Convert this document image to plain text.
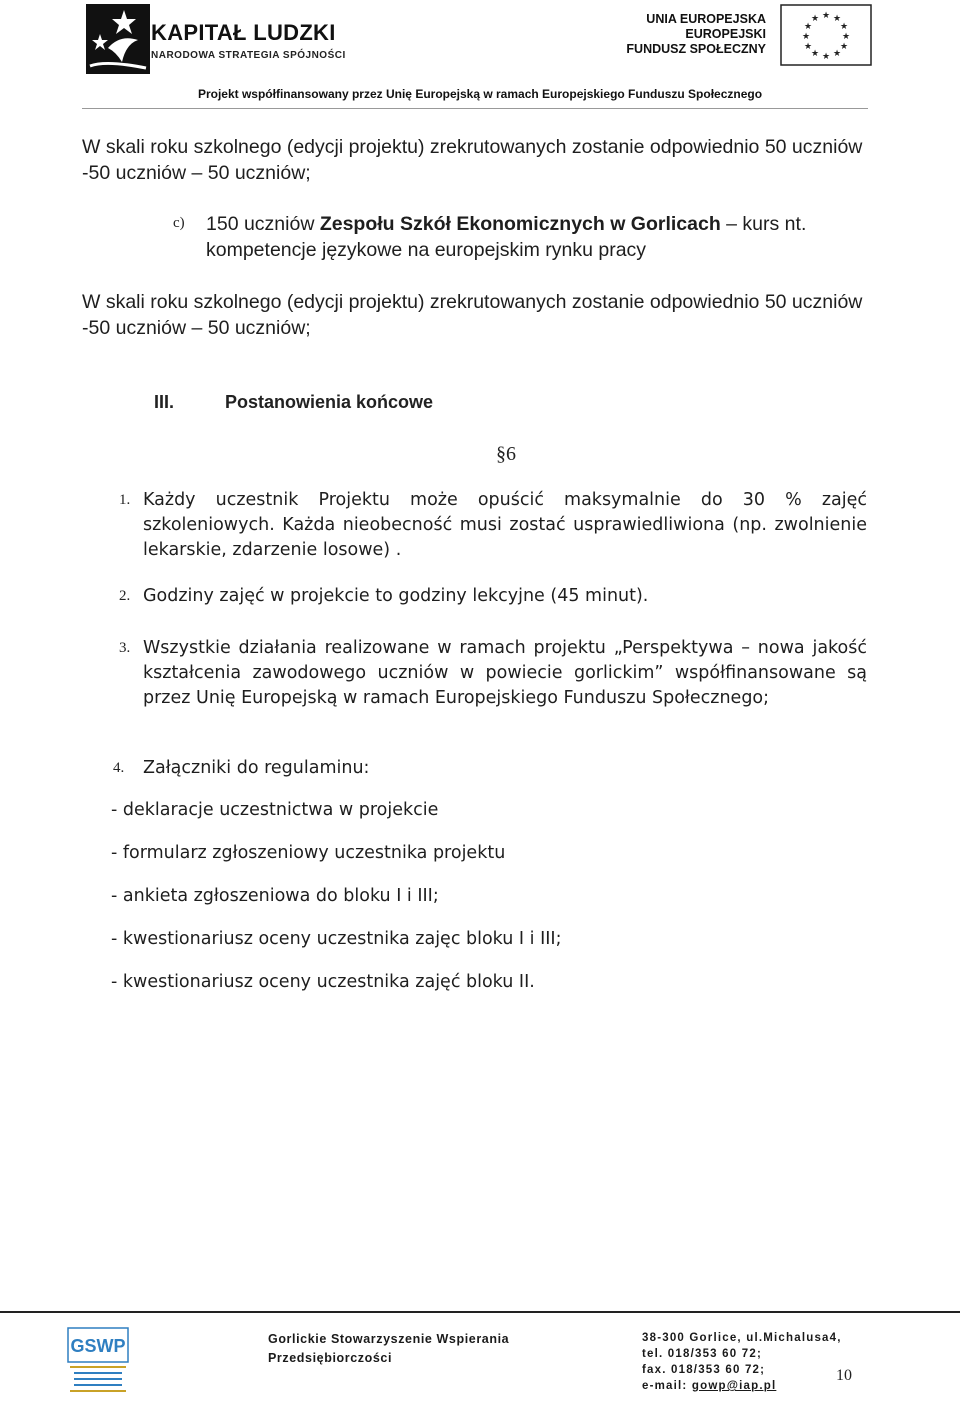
KAPITAŁ LUDZKI
NARODOWA STRATEGIA SPÓJNOŚCI
UNIA EUROPEJSKA
EUROPEJSKI
FUNDUSZ SPOŁECZNY
★ ★
★
★
★
★
★
★
★
★
★
★
Projekt współfinansowany przez Unię Europejską w ramach Europejskiego Funduszu Społecznego
W skali roku szkolnego (edycji projektu) zrekrutowanych zostanie odpowiednio 50 uczniów -50 uczniów – 50 uczniów;
c) 150 uczniów Zespołu Szkół Ekonomicznych w Gorlicach – kurs nt.
kompetencje językowe na europejskim rynku pracy
W skali roku szkolnego (edycji projektu) zrekrutowanych zostanie odpowiednio 50 uczniów -50 uczniów – 50 uczniów;
III.	Postanowienia końcowe
§6
1. Każdy uczestnik Projektu może opuścić maksymalnie do 30 % zajęć szkoleniowych. Każda nieobecność musi zostać usprawiedliwiona (np. zwolnienie lekarskie, zdarzenie losowe) .
2. Godziny zajęć w projekcie to godziny lekcyjne (45 minut).
3. Wszystkie działania realizowane w ramach projektu „Perspektywa – nowa jakość kształcenia zawodowego uczniów w powiecie gorlickim” współfinansowane są przez Unię Europejską w ramach Europejskiego Funduszu Społecznego;
4. Załączniki do regulaminu:
- deklaracje uczestnictwa w projekcie
- formularz zgłoszeniowy uczestnika projektu
- ankieta zgłoszeniowa do bloku I i III;
- kwestionariusz oceny uczestnika zajęc bloku I i III;
- kwestionariusz oceny uczestnika zajęć bloku II.
GSWP	Gorlickie Stowarzyszenie Wspierania
Przedsiębiorczości
38-300 Gorlice, ul.Michalusa4,
tel. 018/353 60 72;
fax. 018/353 60 72;
e-mail: gowp@iap.pl
10
